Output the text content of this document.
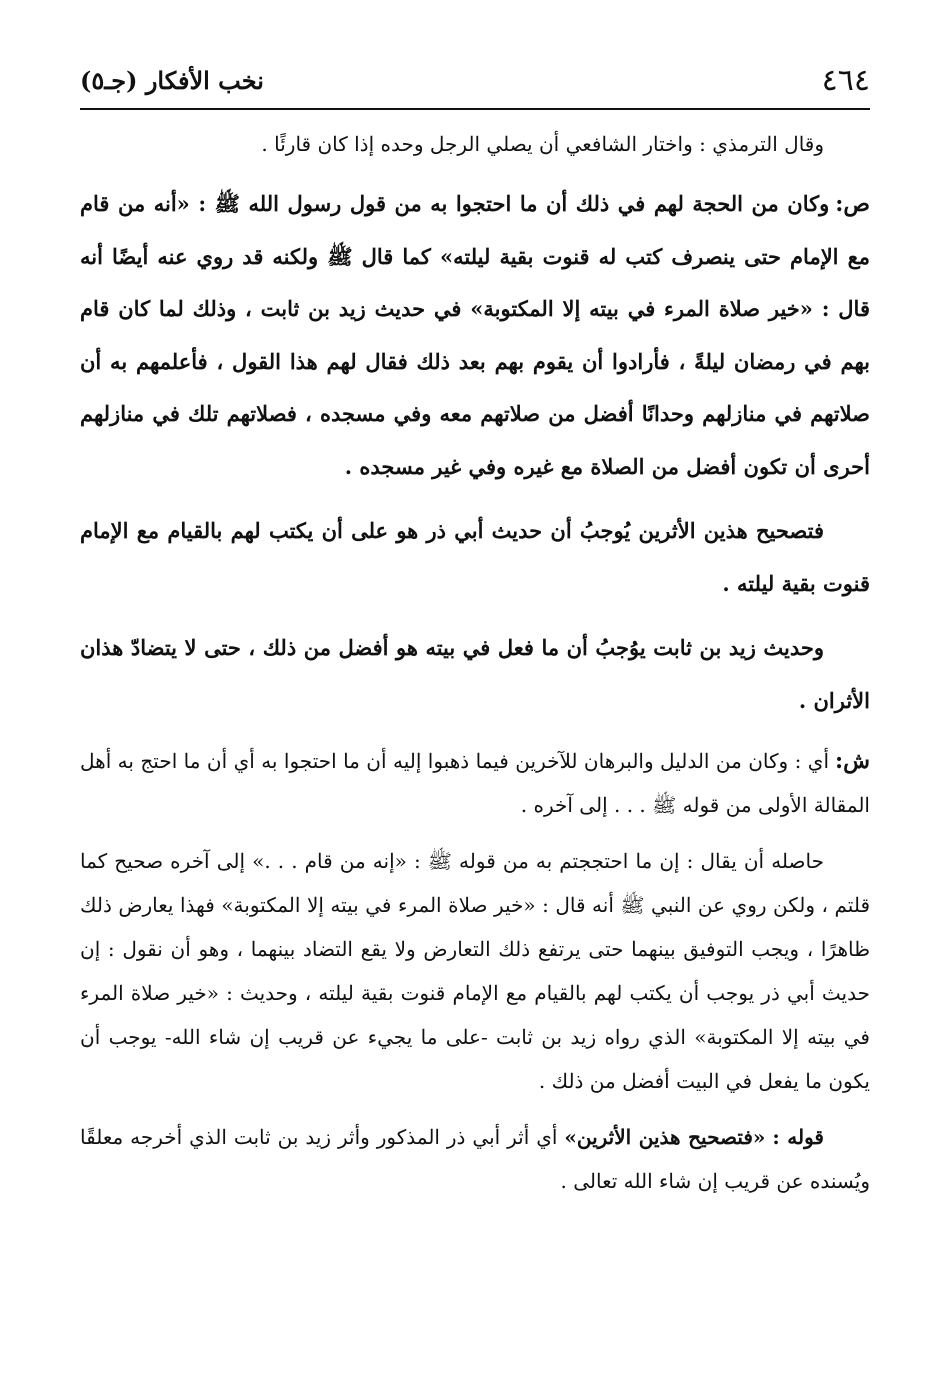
٤٦٤
نخب الأفكار (جـ٥)

وقال الترمذي : واختار الشافعي أن يصلي الرجل وحده إذا كان قارئًا .

ص:وكان من الحجة لهم في ذلك أن ما احتجوا به من قول رسول الله ﷺ : «أنه من قام مع الإمام حتى ينصرف كتب له قنوت بقية ليلته» كما قال ﷺ ولكنه قد روي عنه أيضًا أنه قال : «خير صلاة المرء في بيته إلا المكتوبة» في حديث زيد بن ثابت ، وذلك لما كان قام بهم في رمضان ليلةً ، فأرادوا أن يقوم بهم بعد ذلك فقال لهم هذا القول ، فأعلمهم به أن صلاتهم في منازلهم وحدانًا أفضل من صلاتهم معه وفي مسجده ، فصلاتهم تلك في منازلهم أحرى أن تكون أفضل من الصلاة مع غيره وفي غير مسجده .

فتصحيح هذين الأثرين يُوجبُ أن حديث أبي ذر هو على أن يكتب لهم بالقيام مع الإمام قنوت بقية ليلته .

وحديث زيد بن ثابت يوُجبُ أن ما فعل في بيته هو أفضل من ذلك ، حتى لا يتضادّ هذان الأثران .

ش:أي : وكان من الدليل والبرهان للآخرين فيما ذهبوا إليه أن ما احتجوا به أي أن ما احتج به أهل المقالة الأولى من قوله ﷺ . . . إلى آخره .

حاصله أن يقال : إن ما احتججتم به من قوله ﷺ : «إنه من قام . . .» إلى آخره صحيح كما قلتم ، ولكن روي عن النبي ﷺ أنه قال : «خير صلاة المرء في بيته إلا المكتوبة» فهذا يعارض ذلك ظاهرًا ، ويجب التوفيق بينهما حتى يرتفع ذلك التعارض ولا يقع التضاد بينهما ، وهو أن نقول : إن حديث أبي ذر يوجب أن يكتب لهم بالقيام مع الإمام قنوت بقية ليلته ، وحديث : «خير صلاة المرء في بيته إلا المكتوبة» الذي رواه زيد بن ثابت -على ما يجيء عن قريب إن شاء الله- يوجب أن يكون ما يفعل في البيت أفضل من ذلك .

قوله : «فتصحيح هذين الأثرين» أي أثر أبي ذر المذكور وأثر زيد بن ثابت الذي أخرجه معلقًا ويُسنده عن قريب إن شاء الله تعالى .
